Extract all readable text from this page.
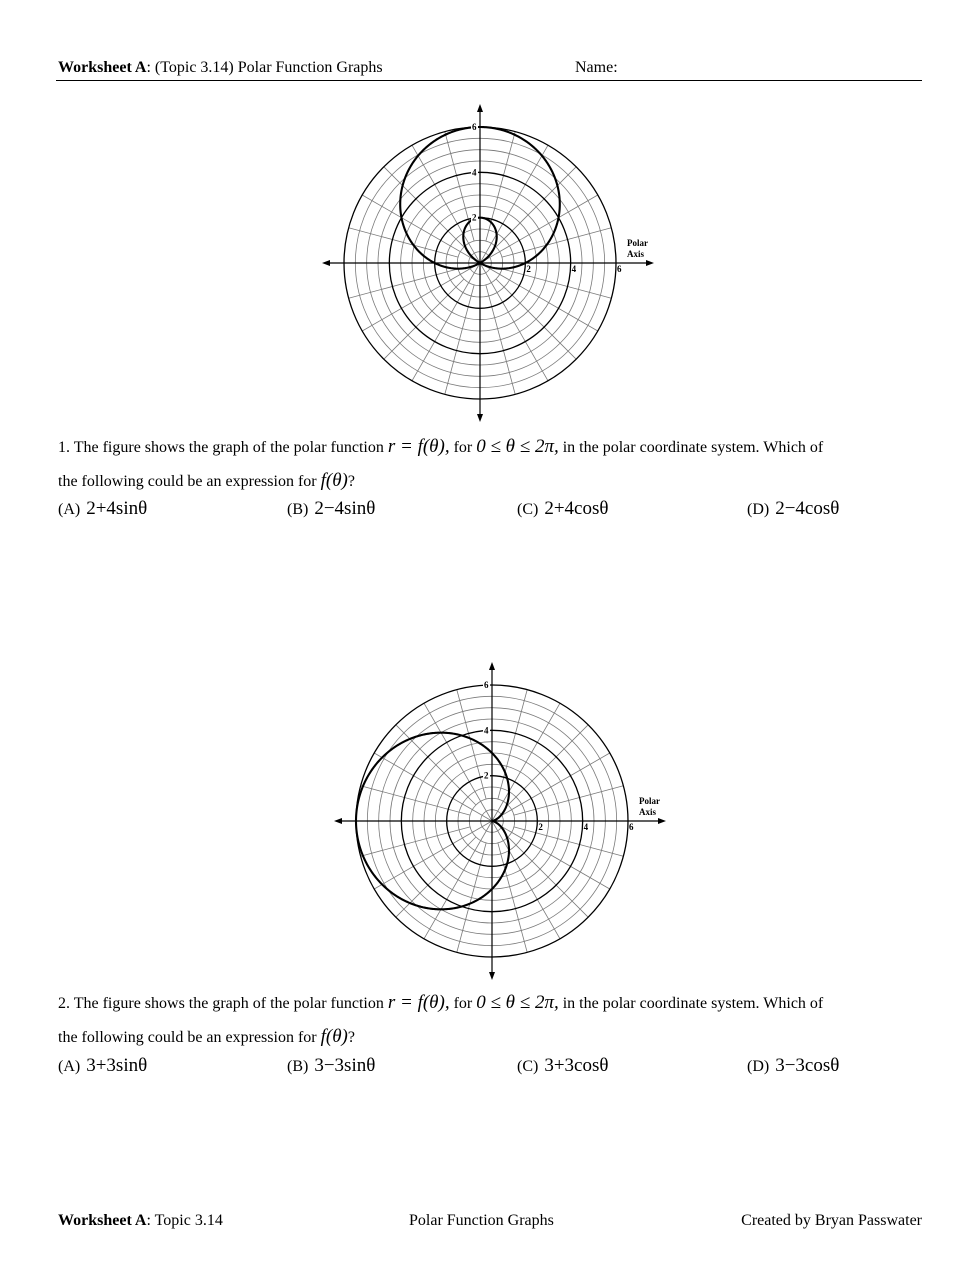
Worksheet A: (Topic 3.14) Polar Function Graphs	Name:
2	4	6
2
4
6
Polar
Axis
1. The figure shows the graph of the polar function r = f(θ), for 0 ≤ θ ≤ 2π, in the polar coordinate system. Which of
the following could be an expression for f(θ)?
(A) 2+4sinθ	(B) 2−4sinθ	(C) 2+4cosθ	(D) 2−4cosθ
2	4	6
2
4
6
Polar
Axis
2. The figure shows the graph of the polar function r = f(θ), for 0 ≤ θ ≤ 2π, in the polar coordinate system. Which of
the following could be an expression for f(θ)?
(A) 3+3sinθ	(B) 3−3sinθ	(C) 3+3cosθ	(D) 3−3cosθ
Worksheet A: Topic 3.14	Polar Function Graphs	Created by Bryan Passwater
